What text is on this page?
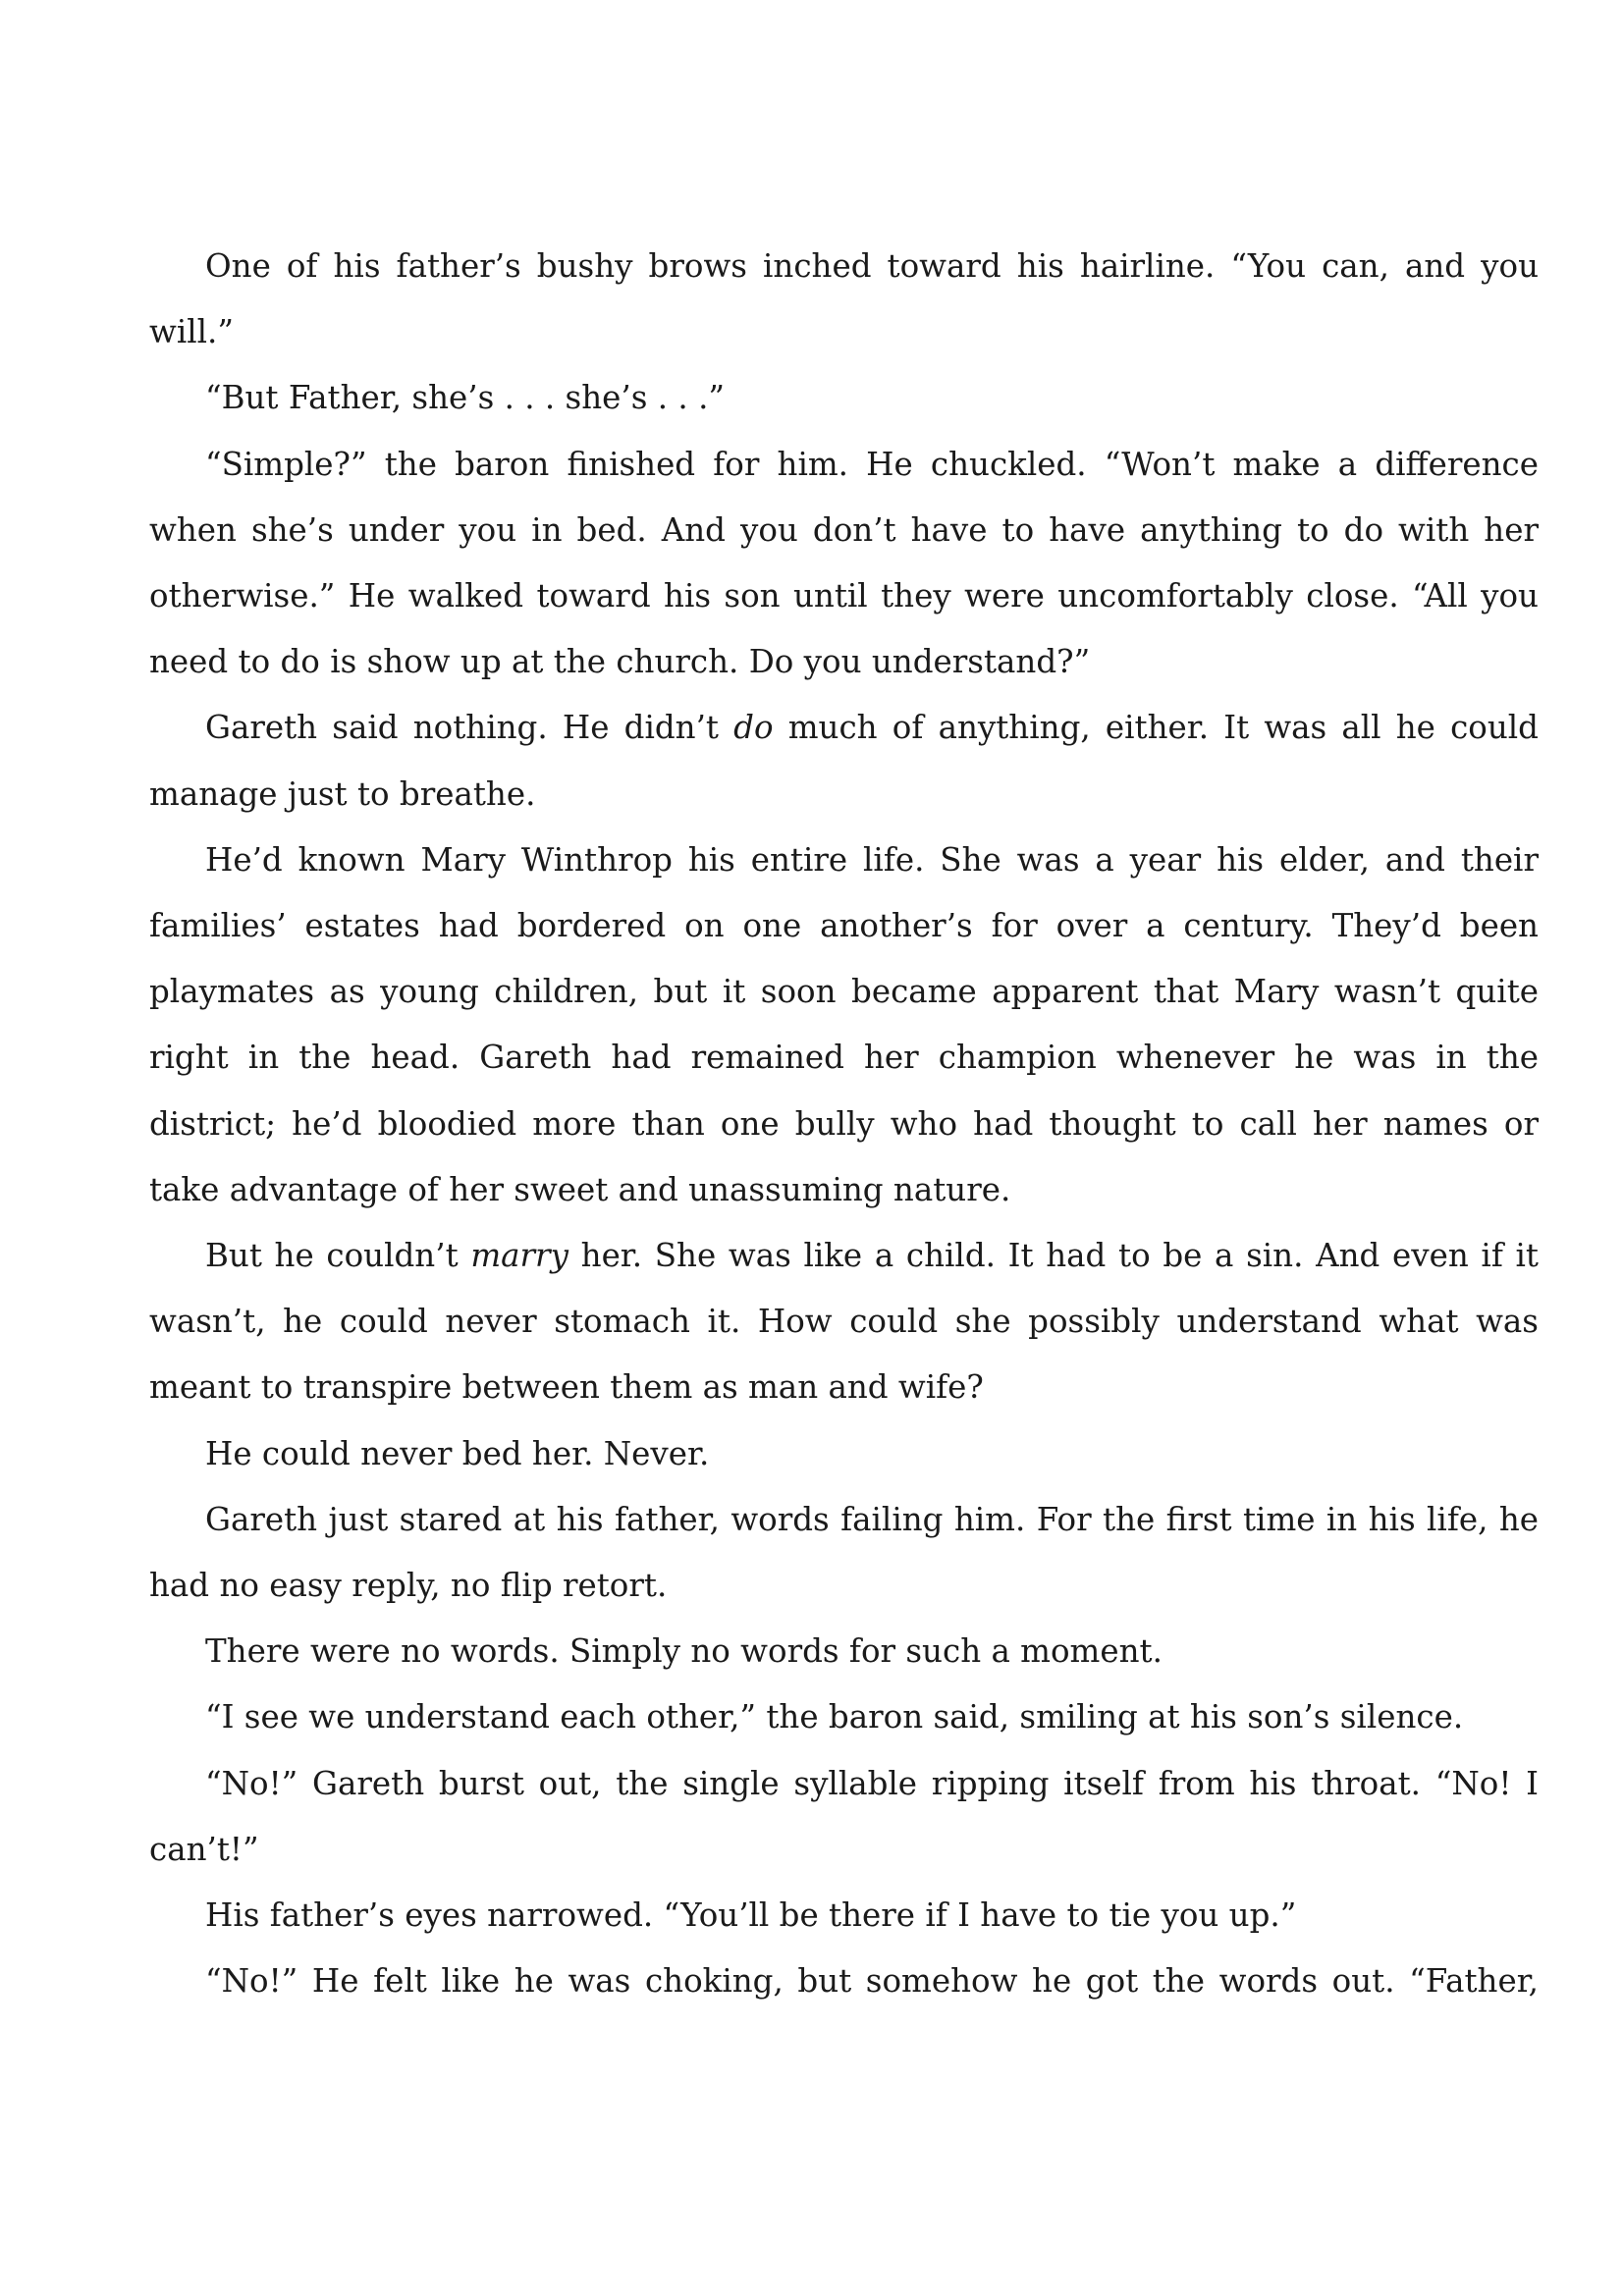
One of his father’s bushy brows inched toward his hairline. “You can, and you will.”

“But Father, she’s . . . she’s . . .”

“Simple?” the baron finished for him. He chuckled. “Won’t make a difference when she’s under you in bed. And you don’t have to have anything to do with her otherwise.” He walked toward his son until they were uncomfortably close. “All you need to do is show up at the church. Do you understand?”

Gareth said nothing. He didn’t do much of anything, either. It was all he could manage just to breathe.

He’d known Mary Winthrop his entire life. She was a year his elder, and their families’ estates had bordered on one another’s for over a century. They’d been playmates as young children, but it soon became apparent that Mary wasn’t quite right in the head. Gareth had remained her champion whenever he was in the district; he’d bloodied more than one bully who had thought to call her names or take advantage of her sweet and unassuming nature.

But he couldn’t marry her. She was like a child. It had to be a sin. And even if it wasn’t, he could never stomach it. How could she possibly understand what was meant to transpire between them as man and wife?

He could never bed her. Never.

Gareth just stared at his father, words failing him. For the first time in his life, he had no easy reply, no flip retort.

There were no words. Simply no words for such a moment.

“I see we understand each other,” the baron said, smiling at his son’s silence.

“No!” Gareth burst out, the single syllable ripping itself from his throat. “No! I can’t!”

His father’s eyes narrowed. “You’ll be there if I have to tie you up.”

“No!” He felt like he was choking, but somehow he got the words out. “Father,
